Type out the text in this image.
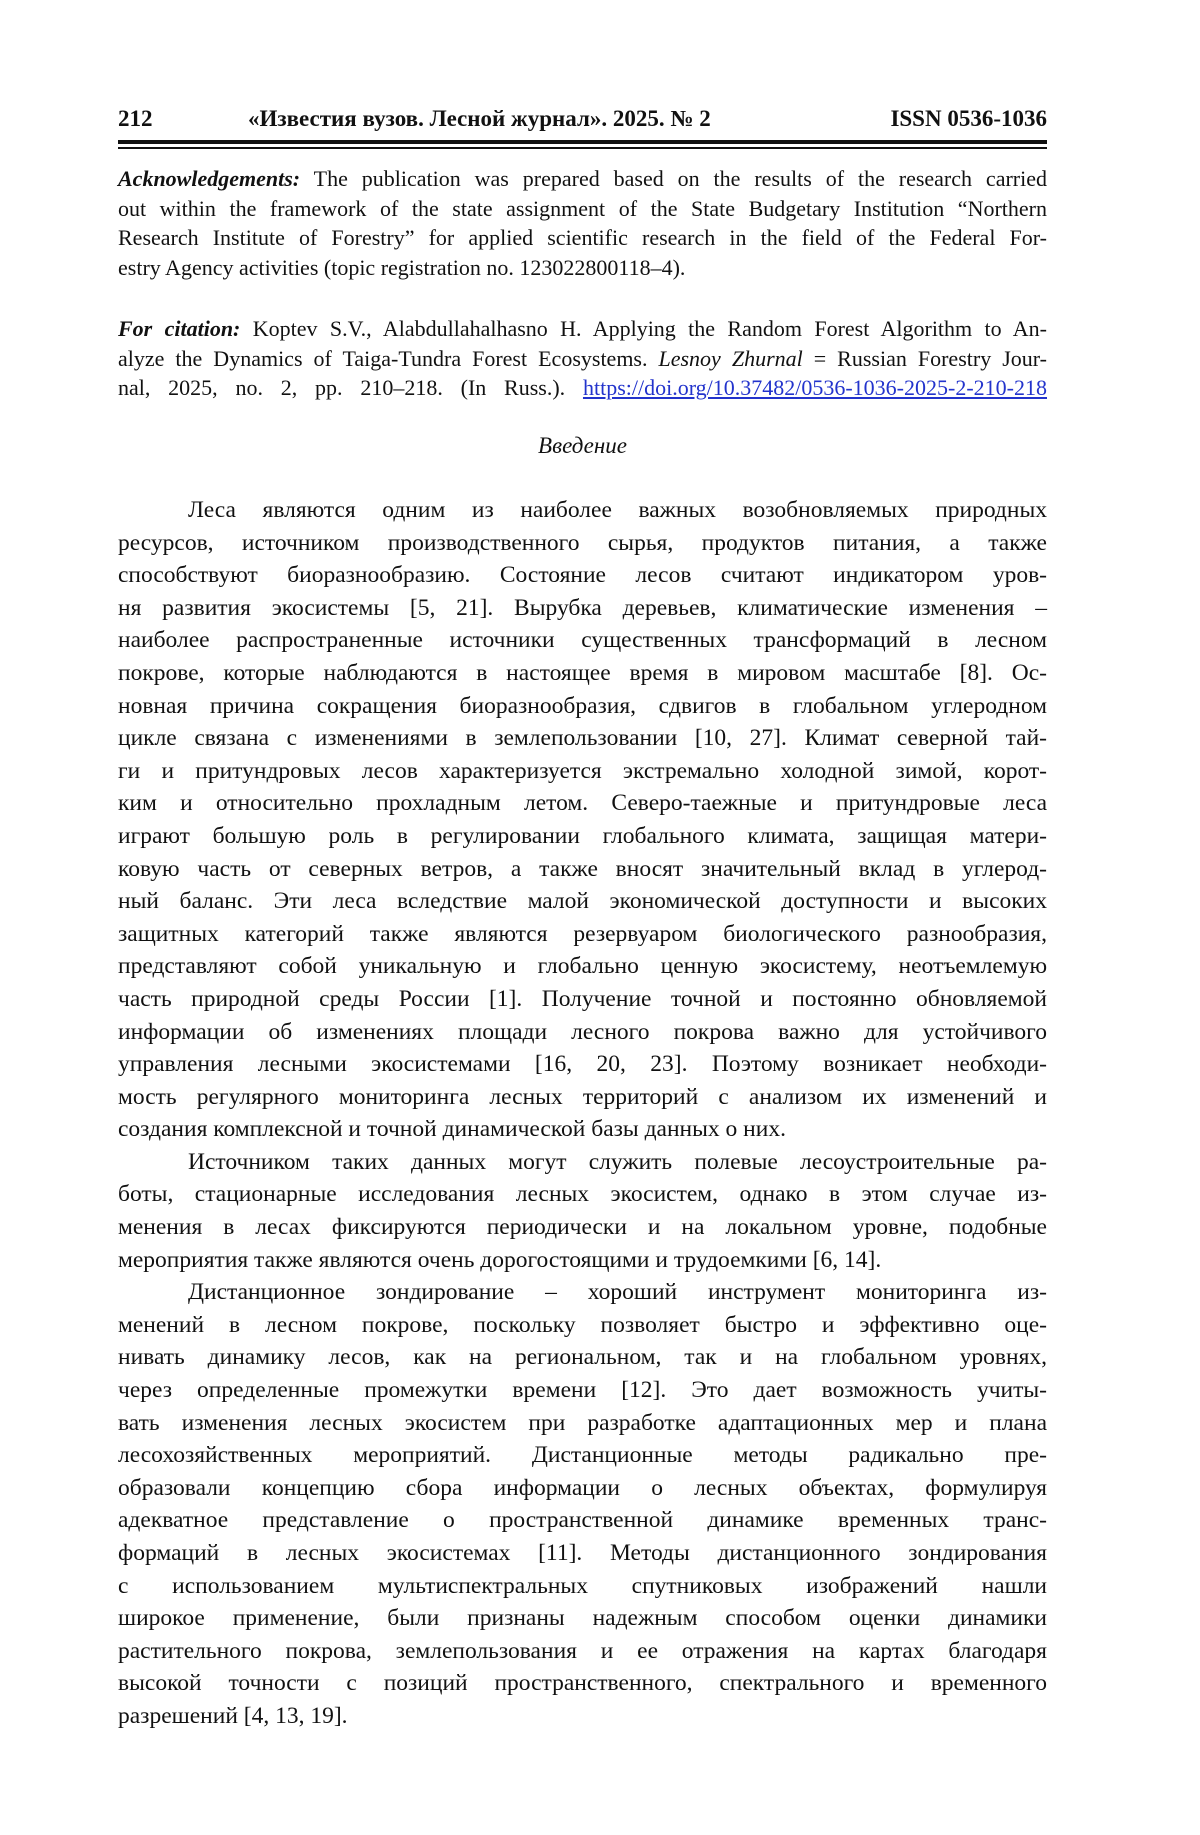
212	«Известия вузов. Лесной журнал». 2025. № 2	ISSN 0536-1036
Acknowledgements: The publication was prepared based on the results of the research carried
out within the framework of the state assignment of the State Budgetary Institution “Northern
Research Institute of Forestry” for applied scientific research in the field of the Federal For-
estry Agency activities (topic registration no. 123022800118–4).
For citation: Koptev S.V., Alabdullahalhasno H. Applying the Random Forest Algorithm to An-
alyze the Dynamics of Taiga-Tundra Forest Ecosystems. Lesnoy Zhurnal = Russian Forestry Jour-
nal, 2025, no. 2, pp. 210–218. (In Russ.). https://doi.org/10.37482/0536-1036-2025-2-210-218
Введение
Леса являются одним из наиболее важных возобновляемых природных
ресурсов, источником производственного сырья, продуктов питания, а также
способствуют биоразнообразию. Состояние лесов считают индикатором уров-
ня развития экосистемы [5, 21]. Вырубка деревьев, климатические изменения –
наиболее распространенные источники существенных трансформаций в лесном
покрове, которые наблюдаются в настоящее время в мировом масштабе [8]. Ос-
новная причина сокращения биоразнообразия, сдвигов в глобальном углеродном
цикле связана с изменениями в землепользовании [10, 27]. Климат северной тай-
ги и притундровых лесов характеризуется экстремально холодной зимой, корот-
ким и относительно прохладным летом. Северо-таежные и притундровые леса
играют большую роль в регулировании глобального климата, защищая матери-
ковую часть от северных ветров, а также вносят значительный вклад в углерод-
ный баланс. Эти леса вследствие малой экономической доступности и высоких
защитных категорий также являются резервуаром биологического разнообразия,
представляют собой уникальную и глобально ценную экосистему, неотъемлемую
часть природной среды России [1]. Получение точной и постоянно обновляемой
информации об изменениях площади лесного покрова важно для устойчивого
управления лесными экосистемами [16, 20, 23]. Поэтому возникает необходи-
мость регулярного мониторинга лесных территорий с анализом их изменений и
создания комплексной и точной динамической базы данных о них.
Источником таких данных могут служить полевые лесоустроительные ра-
боты, стационарные исследования лесных экосистем, однако в этом случае из-
менения в лесах фиксируются периодически и на локальном уровне, подобные
мероприятия также являются очень дорогостоящими и трудоемкими [6, 14].
Дистанционное зондирование – хороший инструмент мониторинга из-
менений в лесном покрове, поскольку позволяет быстро и эффективно оце-
нивать динамику лесов, как на региональном, так и на глобальном уровнях,
через определенные промежутки времени [12]. Это дает возможность учиты-
вать изменения лесных экосистем при разработке адаптационных мер и плана
лесохозяйственных мероприятий. Дистанционные методы радикально пре-
образовали концепцию сбора информации о лесных объектах, формулируя
адекватное представление о пространственной динамике временных транс-
формаций в лесных экосистемах [11]. Методы дистанционного зондирования
с использованием мультиспектральных спутниковых изображений нашли
широкое применение, были признаны надежным способом оценки динамики
растительного покрова, землепользования и ее отражения на картах благодаря
высокой точности с позиций пространственного, спектрального и временного
разрешений [4, 13, 19].
